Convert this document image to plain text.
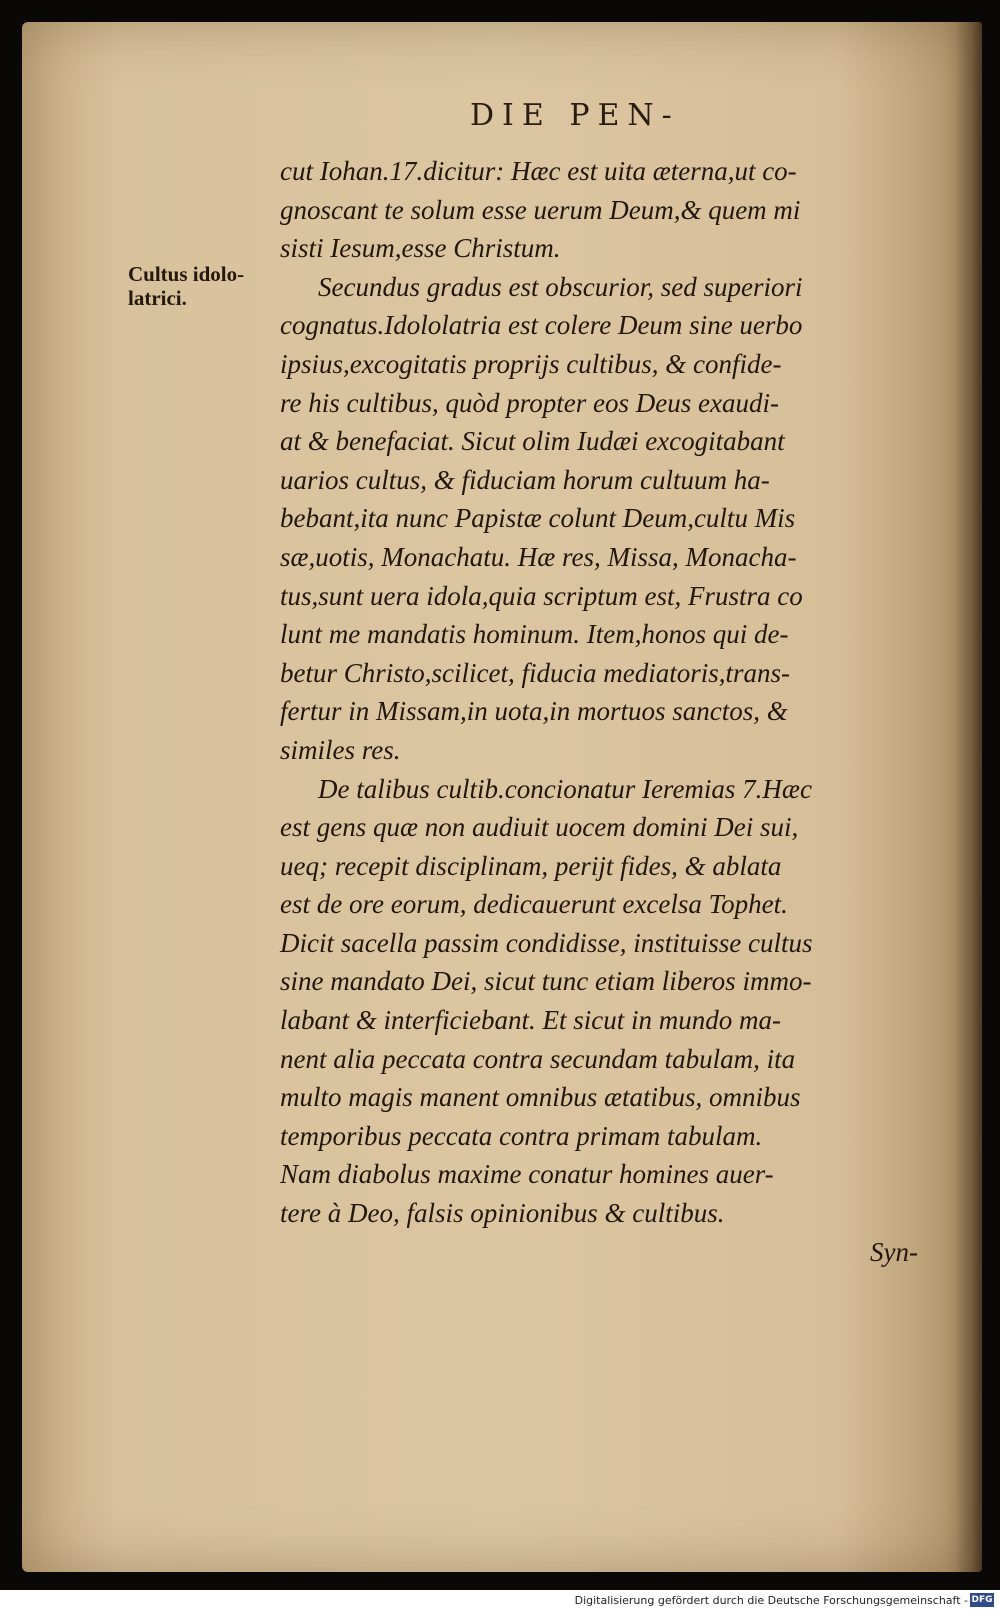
DIE PEN-
Cultus idolo-
latrici.
cut Iohan.17.dicitur: Hæc est uita æterna,ut co-
gnoscant te solum esse uerum Deum,& quem mi
sisti Iesum,esse Christum.
Secundus gradus est obscurior, sed superiori
cognatus.Idololatria est colere Deum sine uerbo
ipsius,excogitatis proprijs cultibus, & confide-
re his cultibus, quòd propter eos Deus exaudi-
at & benefaciat. Sicut olim Iudæi excogitabant
uarios cultus, & fiduciam horum cultuum ha-
bebant,ita nunc Papistæ colunt Deum,cultu Mis
sæ,uotis, Monachatu. Hæ res, Missa, Monacha-
tus,sunt uera idola,quia scriptum est, Frustra co
lunt me mandatis hominum. Item,honos qui de-
betur Christo,scilicet, fiducia mediatoris,trans-
fertur in Missam,in uota,in mortuos sanctos, &
similes res.
De talibus cultib.concionatur Ieremias 7.Hæc
est gens quæ non audiuit uocem domini Dei sui,
ueq; recepit disciplinam, perijt fides, & ablata
est de ore eorum, dedicauerunt excelsa Tophet.
Dicit sacella passim condidisse, instituisse cultus
sine mandato Dei, sicut tunc etiam liberos immo-
labant & interficiebant. Et sicut in mundo ma-
nent alia peccata contra secundam tabulam, ita
multo magis manent omnibus ætatibus, omnibus
temporibus peccata contra primam tabulam.
Nam diabolus maxime conatur homines auer-
tere à Deo, falsis opinionibus & cultibus.
Syn-
Digitalisierung gefördert durch die Deutsche Forschungsgemeinschaft - DFG
